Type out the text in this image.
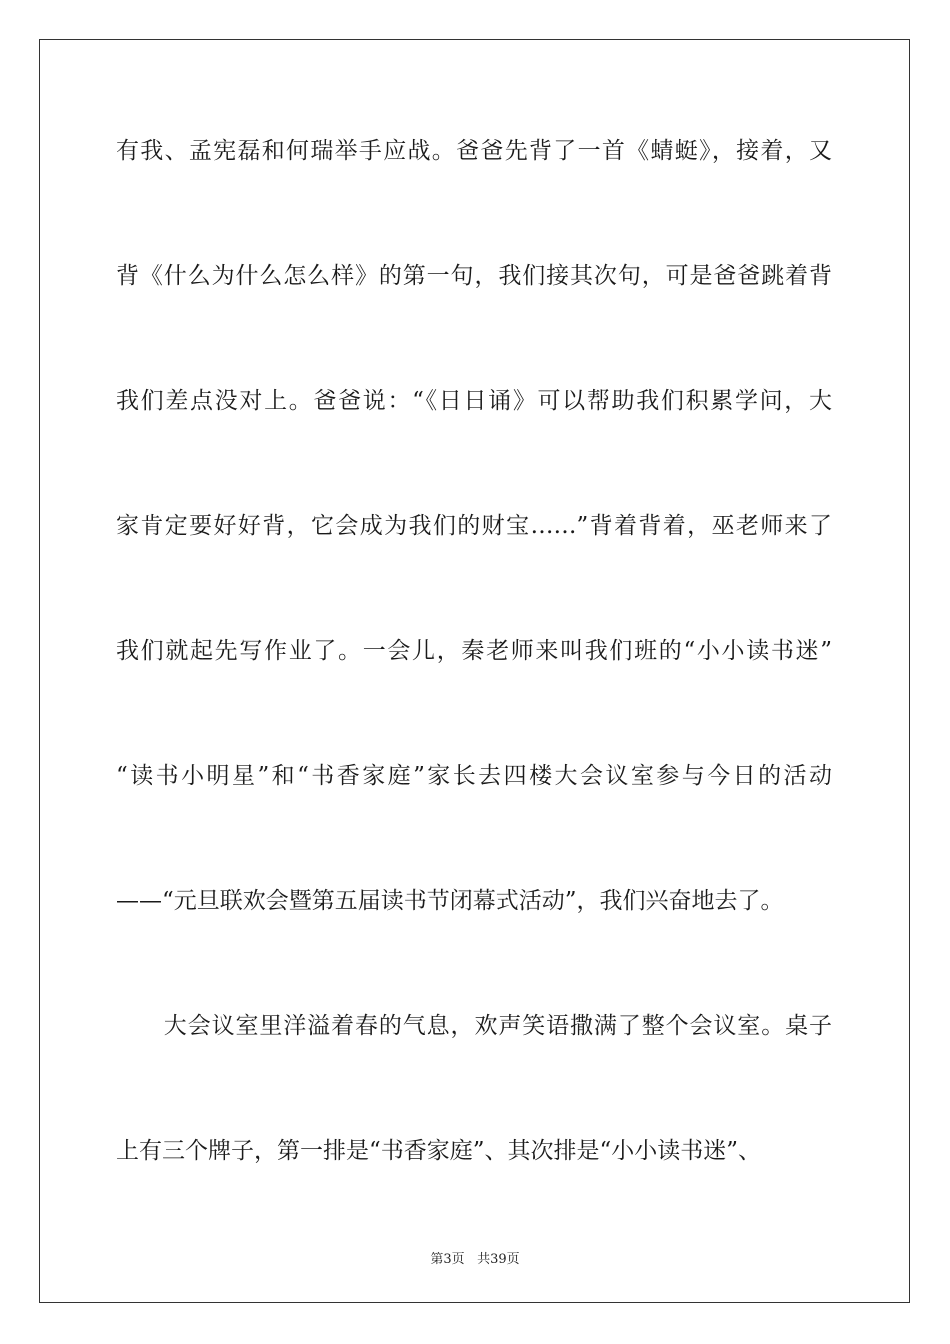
有我、孟宪磊和何瑞举手应战。爸爸先背了一首《蜻蜓》，接着，又
背《什么为什么怎么样》的第一句，我们接其次句，可是爸爸跳着背
我们差点没对上。爸爸说：“《日日诵》可以帮助我们积累学问，大
家肯定要好好背，它会成为我们的财宝……”背着背着，巫老师来了
我们就起先写作业了。一会儿，秦老师来叫我们班的“小小读书迷”
“读书小明星”和“书香家庭”家长去四楼大会议室参与今日的活动
——“元旦联欢会暨第五届读书节闭幕式活动”，我们兴奋地去了。
　　大会议室里洋溢着春的气息，欢声笑语撒满了整个会议室。桌子
上有三个牌子，第一排是“书香家庭”、其次排是“小小读书迷”、
第3页 共39页
